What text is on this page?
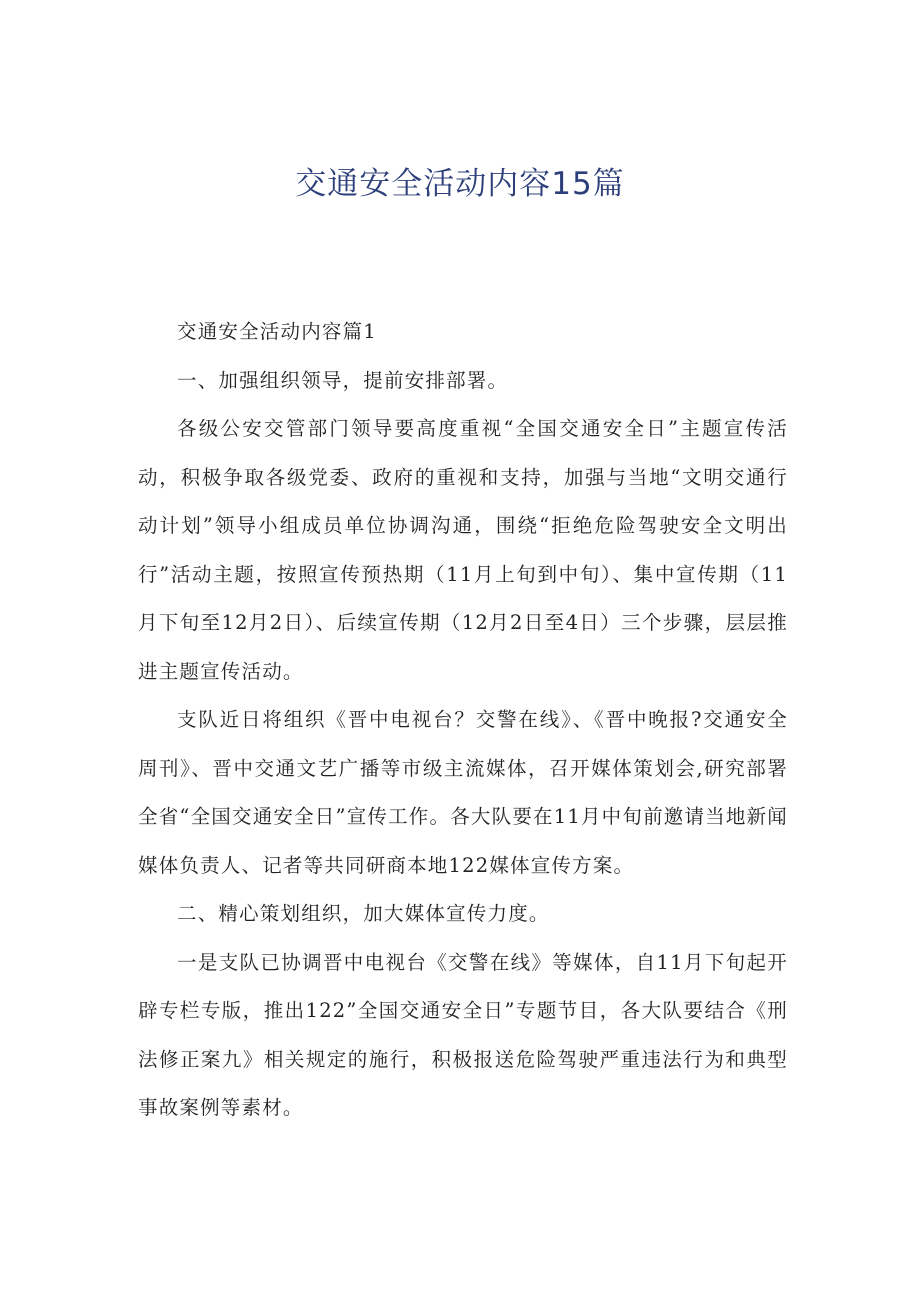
交通安全活动内容15篇

交通安全活动内容篇1

一、加强组织领导，提前安排部署。

各级公安交管部门领导要高度重视“全国交通安全日”主题宣传活动，积极争取各级党委、政府的重视和支持，加强与当地“文明交通行动计划”领导小组成员单位协调沟通，围绕“拒绝危险驾驶安全文明出行”活动主题，按照宣传预热期（11月上旬到中旬）、集中宣传期（11月下旬至12月2日）、后续宣传期（12月2日至4日）三个步骤，层层推进主题宣传活动。

支队近日将组织《晋中电视台？交警在线》、《晋中晚报?交通安全周刊》、晋中交通文艺广播等市级主流媒体，召开媒体策划会,研究部署全省“全国交通安全日”宣传工作。各大队要在11月中旬前邀请当地新闻媒体负责人、记者等共同研商本地122媒体宣传方案。

二、精心策划组织，加大媒体宣传力度。

一是支队已协调晋中电视台《交警在线》等媒体，自11月下旬起开辟专栏专版，推出122”全国交通安全日”专题节目，各大队要结合《刑法修正案九》相关规定的施行，积极报送危险驾驶严重违法行为和典型事故案例等素材。
